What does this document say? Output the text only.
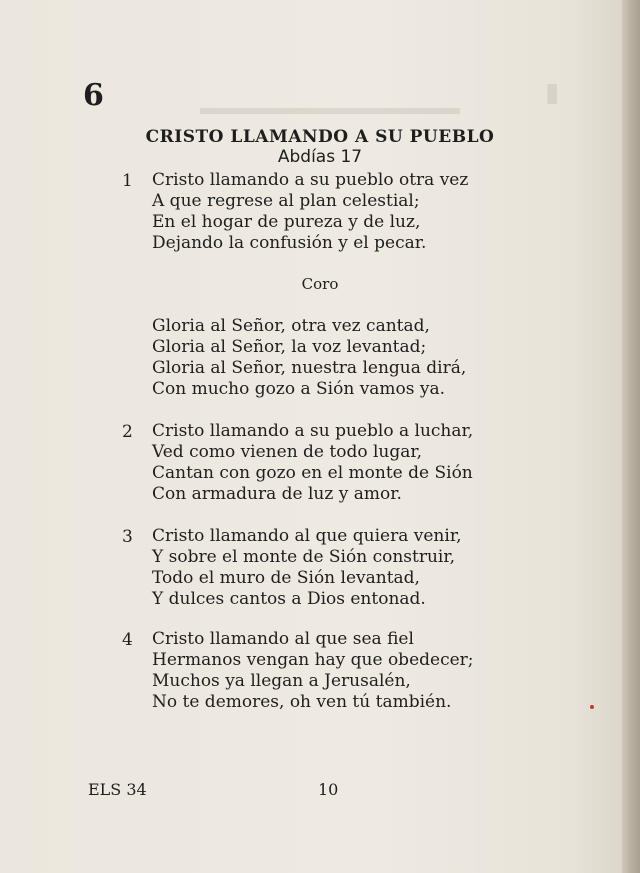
▮
6
CRISTO LLAMANDO A SU PUEBLO
Abdías 17
1 Cristo llamando a su pueblo otra vez
A que regrese al plan celestial;
En el hogar de pureza y de luz,
Dejando la confusión y el pecar.
Coro
Gloria al Señor, otra vez cantad,
Gloria al Señor, la voz levantad;
Gloria al Señor, nuestra lengua dirá,
Con mucho gozo a Sión vamos ya.
2 Cristo llamando a su pueblo a luchar,
Ved como vienen de todo lugar,
Cantan con gozo en el monte de Sión
Con armadura de luz y amor.
3 Cristo llamando al que quiera venir,
Y sobre el monte de Sión construir,
Todo el muro de Sión levantad,
Y dulces cantos a Dios entonad.
4 Cristo llamando al que sea fiel
Hermanos vengan hay que obedecer;
Muchos ya llegan a Jerusalén,
No te demores, oh ven tú también.
ELS 34	10
